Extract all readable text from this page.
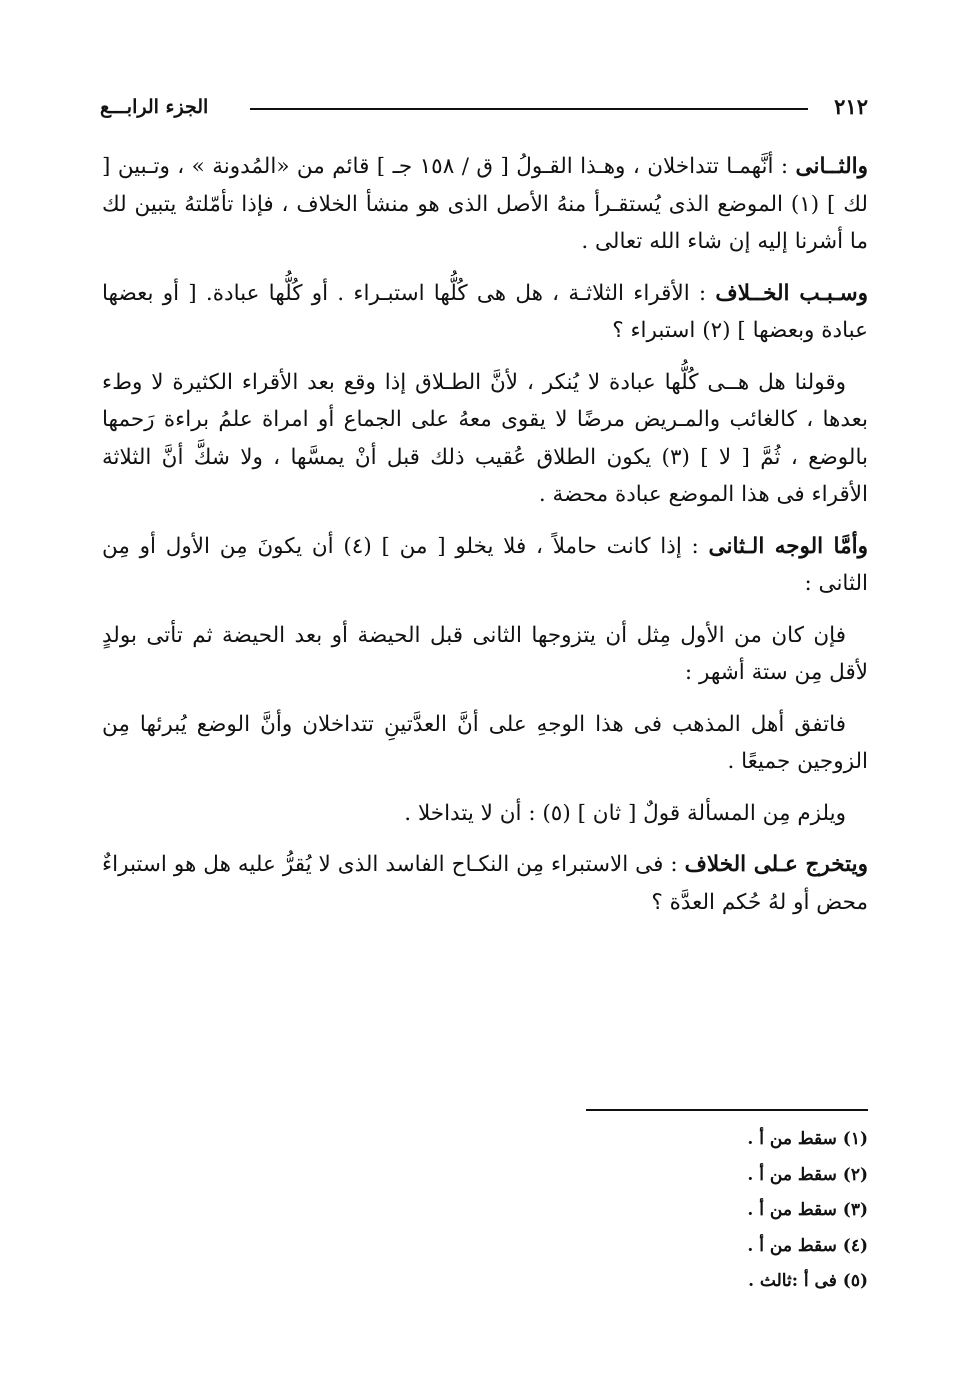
٢١٢
الجزء الرابـــع

والثــانى : أنَّهمـا تتداخلان ، وهـذا القـولُ [ ق / ١٥٨ جـ ] قائم من «المُدونة » ، وتـبين [ لك ] (١) الموضع الذى يُستقـرأ منهُ الأصل الذى هو منشأ الخلاف ، فإذا تأمّلتهُ يتبين لك ما أشرنا إليه إن شاء الله تعالى .

وسـبـب الخــلاف : الأقراء الثلاثـة ، هل هى كُلُّها استبـراء . أو كُلُّها عبادة. [ أو بعضها عبادة وبعضها ] (٢) استبراء ؟

وقولنا هل هــى كُلُّها عبادة لا يُنكر ، لأنَّ الطـلاق إذا وقع بعد الأقراء الكثيرة لا وطء بعدها ، كالغائب والمـريض مرضًا لا يقوى معهُ على الجماع أو امراة علمُ براءة رَحمها بالوضع ، ثُمَّ [ لا ] (٣) يكون الطلاق عُقيب ذلك قبل أنْ يمسَّها ، ولا شكَّ أنَّ الثلاثة الأقراء فى هذا الموضع عبادة محضة .

وأمَّا الوجه الـثانى : إذا كانت حاملاً ، فلا يخلو [ من ] (٤) أن يكونَ مِن الأول أو مِن الثانى :

فإن كان من الأول مِثل أن يتزوجها الثانى قبل الحيضة أو بعد الحيضة ثم تأتى بولدٍ لأقل مِن ستة أشهر :

فاتفق أهل المذهب فى هذا الوجهِ على أنَّ العدَّتينِ تتداخلان وأنَّ الوضع يُبرئها مِن الزوجين جميعًا .

ويلزم مِن المسألة قولٌ [ ثان ] (٥) : أن لا يتداخلا .

ويتخرج عـلى الخلاف : فى الاستبراء مِن النكـاح الفاسد الذى لا يُقرُّ عليه هل هو استبراءٌ محض أو لهُ حُكم العدَّة ؟

(١) سقط من أ .
(٢) سقط من أ .
(٣) سقط من أ .
(٤) سقط من أ .
(٥) فى أ :ثالث .
